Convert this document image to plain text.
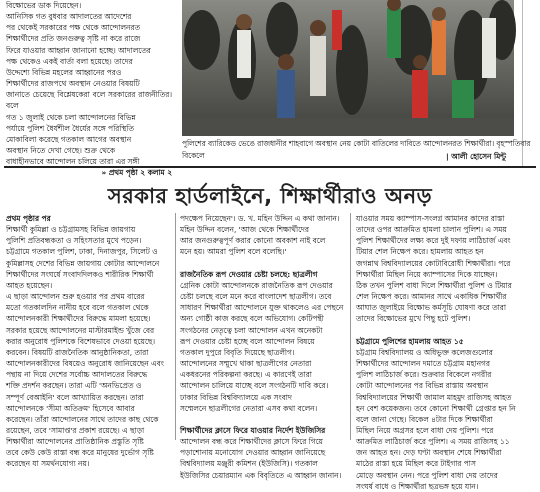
বিক্ষোভের ডাক দিয়েছেন।
আনিসিক গত বুধবার আদালতের আদেশের
পর থেকেই সরকারের পক্ষ থেকে আন্দোলনরত
শিক্ষার্থীদের প্রতি জনগুরুত্ব সৃষ্টি না করে রাজে
ফিরে যাওয়ার আহ্বান জানানো হচ্ছে। আদালতের
পক্ষ থেকেও একই বার্তা বলা হয়েছে। তাদের
উদ্দেশ্যে বিভিন্ন মহলের আহ্বানের পরও
শিক্ষার্থীদের রাজপথে অবস্থান নেওয়ার বিষয়টি
জানাতে চেয়েছে বিশ্লেষকেরা বলে সরকারের রাজনীতির। বলে
গত ১ জুলাই থেকে চলা আন্দোলনের বিভিন্ন
পর্যায়ে পুলিশ ধৈর্যশীল ধৈর্যের সঙ্গে পরিস্থিতি
মোকাবিলা করেছে গতকাল আগের অবস্থান
অবস্থান নিতে দেখা গেছে। শুক্র থেকে
বাধাহীনভাবে আন্দোলন চলিয়ে তারা এর সঙ্গী
» প্রথম পৃষ্ঠা ২ কলাম ২
পুলিশের ব্যারিকেড ভেঙে রাজধানীর শাহবাগে অবস্থান নেয় কোটা বাতিলের দাবিতে আন্দোলনরত শিক্ষার্থীরা। বৃহস্পতিবার বিকেলে	| আলী হোসেন মিন্টু
সরকার হার্ডলাইনে, শিক্ষার্থীরাও অনড়
প্রথম পৃষ্ঠার পর
শিক্ষার্থী কুমিল্লা ও চট্টগ্রামসহ বিভিন্ন জায়গায়
পুলিশি প্রতিবন্ধকতা ও সহিংসতার মুখে পড়েন।
চট্টগ্রামে গতকাল পুলিশ, ঢাকা, দিনাজপুর, সিলেট ও
কুমিল্লাসহ দেশের বিভিন্ন জায়গায় কোটার আন্দোলনে
শিক্ষার্থীদের সংঘর্ষে সংবাদদিলকও শারীরিক শিক্ষার্থী
আহত হয়েছেন।
এ ছাড়া আন্দোলন শুরু হওয়ার পর প্রথম বারের
মতো গতকালদিন নানীয় হবে বলে গতকাল থেকে
আন্দোলনকারী শিক্ষার্থীদের বিরুদ্ধে মামলা হয়েছে।
সরকার হয়েছে আন্দোলনের মাস্টারমাইন্ড খুঁজে বের
করার অনুরোধ পুলিশকে বিশেষভাবে দেওয়া হয়েছে।
করবেন। বিষয়টি রাজনৈতিক আনুষ্ঠানিকতা, তারা
আন্দোলনকারীদের বিষয়েও অনুরোধ জানিয়েছেন এবং
পন্থায় না দিয়ে দেশের সর্বোচ্চ আদালতের বিরুদ্ধে
শক্তি প্রদর্শন করছেন। তারা এটি 'অনভিপ্রেত ও
সম্পূর্ণ বেআইনি' বলে আখ্যায়িত করছেন। তারা
আন্দোলনকে 'সীমা অতিক্রম' হিসেবে আবার
করেছেন। তাঁরা আন্দোলনের সাথে তাদের কাছ থেকে
রয়েছেন, তবে 'সামাপ্ত'র প্রকাশ রয়েছে। এ ছাড়া
শিক্ষার্থীরা আন্দোলনের প্রাতিষ্ঠানিক প্রস্তুতি সৃষ্টি
তবে কেউ কেউ রাস্তা বন্ধ করে মানুষের দুর্ভোগ সৃষ্টি
করেছেন যা সমর্থনযোগ্য নয়।
পদক্ষেপ নিয়েছেন'। ড. খ. মহিন উদ্দিন এ কথা জানান।
মহিন উদ্দিন বলেন, 'আজ থেকে শিক্ষার্থীদের
আর জনগুরুত্বপূর্ণ করার কোনো অবকাশ নাই বলে
মনে হয়। আমরা পুলিশ বলে বলেছি।'

রাজনৈতিক রূপ দেওয়ার চেষ্টা চলছে: ছাত্রলীগ
গ্রেনিক কোটা আন্দোলনকে রাজনৈতিক রূপ দেওয়ার
চেষ্টা চলছে বলে মনে করে বাংলাদেশ ছাত্রলীগ। তবে
সাধারণ শিক্ষার্থীরা আন্দোলনে যুক্ত থাকলেও এর পেছনে
অন্য গোষ্ঠী কাজ করছে বলে অভিযোগ। কেটিপন্থী
সংগঠনের নেতৃত্বে চলা আন্দোলন এখন অনেকটা
রূপ দেওয়ার চেষ্টা হচ্ছে বলে আন্দোলন বিষয়ে
গতকাল দুপুরে বিবৃতি দিয়েছে ছাত্রলীগ।
আন্দোলনের সম্মুখে থাকা ছাত্রলীগের নেতারা
একধরনের পরিকল্পনা করছে। এ কারণেই তারা
আন্দোলন চালিয়ে যাচ্ছে বলে সংগঠনটি দাবি করে।
ঢাকার বিভিন্ন বিশ্ববিদ্যালয়ে এক সংবাদ
সম্মেলনে ছাত্রলীগের নেতারা এসব কথা বলেন।

শিক্ষার্থীদের ক্লাসে ফিরে যাওয়ার নির্দেশ ইউজিসির
আন্দোলন বন্ধ করে শিক্ষার্থীদের ক্লাসে ফিরে গিয়ে
পড়াশোনায় মনোযোগ দেওয়ার আহ্বান জানিয়েছে
বিশ্ববিদ্যালয় মঞ্জুরী কমিশন (ইউজিসি)। গতকাল
ইউজিসির চেয়ারম্যান এক বিবৃতিতে এ আহ্বান জানান।
যাওয়ার সময় ক্যাম্পাস-সংলগ্ন আমানর কাদের রাস্তা
তাদের ওপর আক্রমিত হামলা চালান পুলিশ। এ সময়
পুলিশ শিক্ষার্থীদের লক্ষ্য করে দুই দফায় লাঠিচার্জ এবং
টিয়ার শেল নিক্ষেপ করে। হামলায় আহত হন
জগন্নাথ বিশ্ববিদ্যালয়ের কোটাবিরোধী শিক্ষার্থীরা। পরে
শিক্ষার্থীরা মিছিল নিয়ে ক্যাম্পাসের দিকে যাচ্ছেন।
ঠিক তখন পুলিশ বাধা দিলে শিক্ষার্থীরা পুলিশ ও টিয়ার
শেল নিক্ষেপ করে। আমানর সাথে একাধিক শিক্ষার্থীর
আঘাত জুলাইয়ে বিক্ষোভ কর্মসূচি ঘোষণা করে তারা
তাদের বিক্ষোভের মুখে পিছু হটে পুলিশ।

চট্টগ্রামে পুলিশের হামলায় আহত ১৫
চট্টগ্রাম বিশ্ববিদ্যালয় ও অধিভুক্ত কলেজগুলোর
শিক্ষার্থীদের আন্দোলন দমাতে চট্টগ্রাম মহানগর
পুলিশ লাঠিচার্জ করে। শুক্রবার বিকেলে নগরীর
কোটা আন্দোলনের পর বিভিন্ন রাস্তায় অবস্থান
বিশ্ববিদ্যালয়ের শিক্ষার্থী জামাল মাহমুদ রাজিসহ আহত
হন বেশ কয়েকজন। তবে কোনো শিক্ষার্থী গ্রেপ্তার হন নি
বলে জানা গেছে। বিকেল ৪টার দিকে শিক্ষার্থীরা
মিছিল নিয়ে অগ্রসর হলে বাধা দেয় পুলিশ। পরে
আক্রমিত লাঠিচার্জ করে পুলিশ। এ সময় রাজিসহ ১১
জন আহত হন। দেড় ঘণ্টা অবস্থান শেষে শিক্ষার্থীরা
মাঠের রাস্তা হয়ে মিছিল করে টাইগার পাস
মোড়ে অবস্থান নেন। পরে পুলিশ বাধা দেয় তাদের
সংঘর্ষ বাধে ও শিক্ষার্থীরা ছত্রভঙ্গ হয়ে যান।
